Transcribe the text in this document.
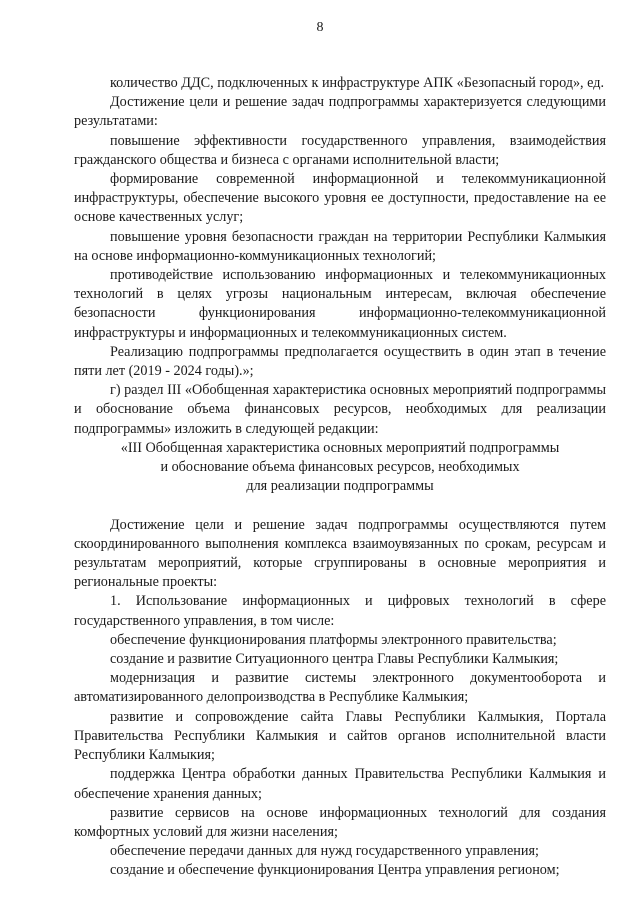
8

количество ДДС, подключенных к инфраструктуре АПК «Безопасный город», ед.

Достижение цели и решение задач подпрограммы характеризуется следующими результатами:

повышение эффективности государственного управления, взаимодействия гражданского общества и бизнеса с органами исполнительной власти;

формирование современной информационной и телекоммуникационной инфраструктуры, обеспечение высокого уровня ее доступности, предоставление на ее основе качественных услуг;

повышение уровня безопасности граждан на территории Республики Калмыкия на основе информационно-коммуникационных технологий;

противодействие использованию информационных и телекоммуникационных технологий в целях угрозы национальным интересам, включая обеспечение безопасности функционирования информационно-телекоммуникационной инфраструктуры и информационных и телекоммуникационных систем.

Реализацию подпрограммы предполагается осуществить в один этап в течение пяти лет (2019 - 2024 годы).»;

г) раздел III «Обобщенная характеристика основных мероприятий подпрограммы и обоснование объема финансовых ресурсов, необходимых для реализации подпрограммы» изложить в следующей редакции:

«III Обобщенная характеристика основных мероприятий подпрограммы

и обоснование объема финансовых ресурсов, необходимых

для реализации подпрограммы

Достижение цели и решение задач подпрограммы осуществляются путем скоординированного выполнения комплекса взаимоувязанных по срокам, ресурсам и результатам мероприятий, которые сгруппированы в основные мероприятия и региональные проекты:

1. Использование информационных и цифровых технологий в сфере государственного управления, в том числе:

обеспечение функционирования платформы электронного правительства;

создание и развитие Ситуационного центра Главы Республики Калмыкия;

модернизация и развитие системы электронного документооборота и автоматизированного делопроизводства в Республике Калмыкия;

развитие и сопровождение сайта Главы Республики Калмыкия, Портала Правительства Республики Калмыкия и сайтов органов исполнительной власти Республики Калмыкия;

поддержка Центра обработки данных Правительства Республики Калмыкия и обеспечение хранения данных;

развитие сервисов на основе информационных технологий для создания комфортных условий для жизни населения;

обеспечение передачи данных для нужд государственного управления;

создание и обеспечение функционирования Центра управления регионом;
